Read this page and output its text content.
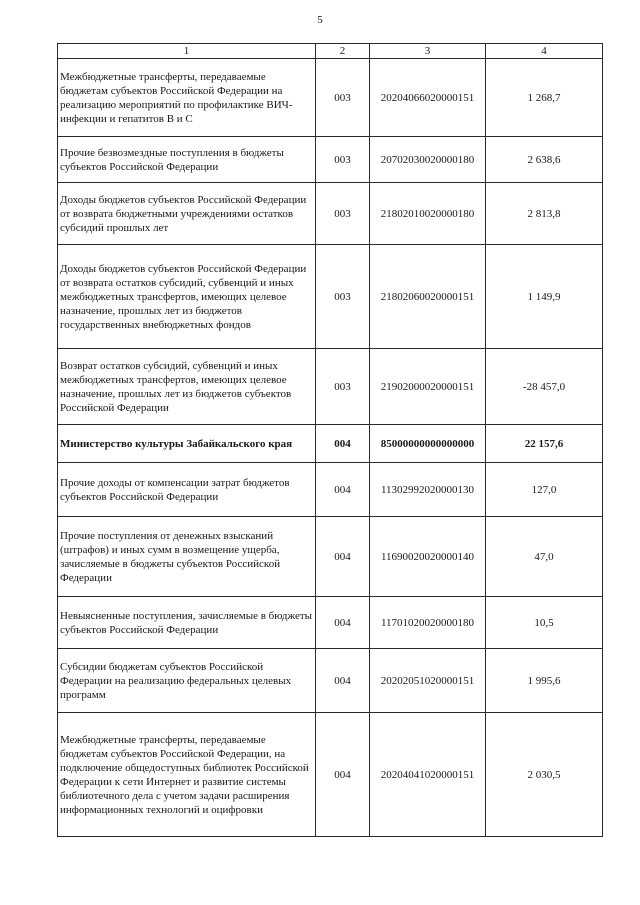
5
1	2	3	4
Межбюджетные трансферты, передаваемые бюджетам субъектов Российской Федерации на реализацию мероприятий по профилактике ВИЧ-инфекции и гепатитов В и С	003	20204066020000151	1 268,7
Прочие безвозмездные поступления в бюджеты субъектов Российской Федерации	003	20702030020000180	2 638,6
Доходы бюджетов субъектов Российской Федерации от возврата бюджетными учреждениями остатков субсидий прошлых лет	003	21802010020000180	2 813,8
Доходы бюджетов субъектов Российской Федерации от возврата остатков субсидий, субвенций и иных межбюджетных трансфертов, имеющих целевое назначение, прошлых лет из бюджетов государственных внебюджетных фондов	003	21802060020000151	1 149,9
Возврат остатков субсидий, субвенций и иных межбюджетных трансфертов, имеющих целевое назначение, прошлых лет из бюджетов субъектов Российской Федерации	003	21902000020000151	-28 457,0
Министерство культуры Забайкальского края	004	85000000000000000	22 157,6
Прочие доходы от компенсации затрат бюджетов субъектов Российской Федерации	004	11302992020000130	127,0
Прочие поступления от денежных взысканий (штрафов) и иных сумм в возмещение ущерба, зачисляемые в бюджеты субъектов Российской Федерации	004	11690020020000140	47,0
Невыясненные поступления, зачисляемые в бюджеты субъектов Российской Федерации	004	11701020020000180	10,5
Субсидии бюджетам субъектов Российской Федерации на реализацию федеральных целевых программ	004	20202051020000151	1 995,6
Межбюджетные трансферты, передаваемые бюджетам субъектов Российской Федерации, на подключение общедоступных библиотек Российской Федерации к сети Интернет и развитие системы библиотечного дела с учетом задачи расширения информационных технологий и оцифровки	004	20204041020000151	2 030,5
